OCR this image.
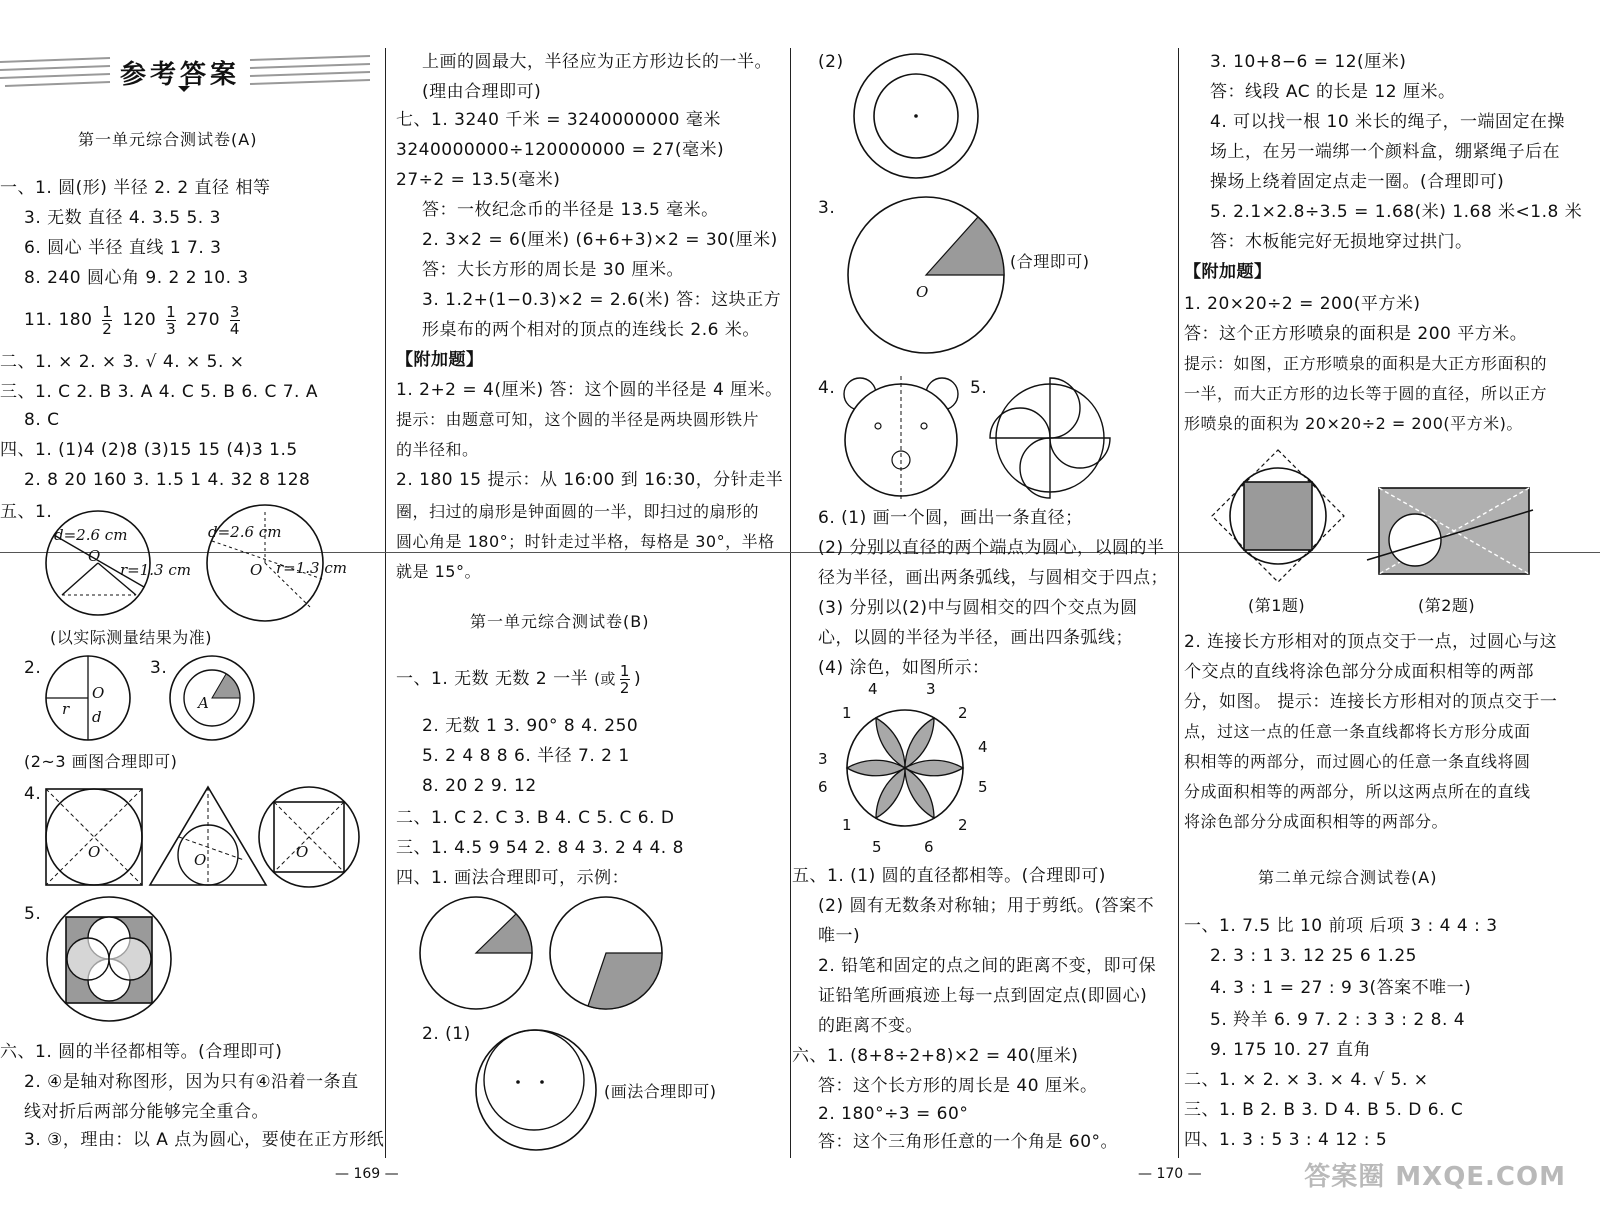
参考答案
第一单元综合测试卷(A)
一、1. 圆(形) 半径 2. 2 直径 相等
3. 无数 直径 4. 3.5 5. 3
6. 圆心 半径 直线 1 7. 3
8. 240 圆心角 9. 2 2 10. 3
11. $180 \frac{1}{2} 120 \frac{1}{3} 270 \frac{3}{4}$
二、1. × 2. × 3. √ 4. × 5. ×
三、1. C 2. B 3. A 4. C 5. B 6. C 7. A
8. C
四、1. (1)4 (2)8 (3)15 15 (4)3 1.5
2. 8 20 160 3. 1.5 1 4. 32 8 128
五、1.
d=2.6 cm
O
r=1.3 cm
d=2.6 cm
O r=1.3 cm
(以实际测量结果为准)
2.	3.
r
O
d
A
(2~3 画图合理即可)
4.
O	O	O
5.
六、1. 圆的半径都相等。(合理即可)
2. ④是轴对称图形，因为只有④沿着一条直
线对折后两部分能够完全重合。
3. ③，理由：以 A 点为圆心，要使在正方形纸
上画的圆最大，半径应为正方形边长的一半。
(理由合理即可)
七、1. 3240 千米 = 3240000000 毫米
3240000000÷120000000 = 27(毫米)
27÷2 = 13.5(毫米)
答：一枚纪念币的半径是 13.5 毫米。
2. 3×2 = 6(厘米) (6+6+3)×2 = 30(厘米)
答：大长方形的周长是 30 厘米。
3. 1.2+(1−0.3)×2 = 2.6(米) 答：这块正方
形桌布的两个相对的顶点的连线长 2.6 米。
【附加题】
1. 2+2 = 4(厘米) 答：这个圆的半径是 4 厘米。
提示：由题意可知，这个圆的半径是两块圆形铁片
的半径和。
2. 180 15 提示：从 16:00 到 16:30，分针走半
圈，扫过的扇形是钟面圆的一半，即扫过的扇形的
圆心角是 180°；时针走过半格，每格是 30°，半格
就是 15°。
第一单元综合测试卷(B)
一、1. 无数 无数 2 一半 (或 $\frac{1}{2}$ )
2. 无数 1 3. 90° 8 4. 250
5. 2 4 8 8 6. 半径 7. 2 1
8. 20 2 9. 12
二、1. C 2. C 3. B 4. C 5. C 6. D
三、1. 4.5 9 54 2. 8 4 3. 2 4 4. 8
四、1. 画法合理即可，示例：
2. (1)
(画法合理即可)
(2)
3.
O
(合理即可)
4.	5.
6. (1) 画一个圆，画出一条直径；
(2) 分别以直径的两个端点为圆心，以圆的半
径为半径，画出两条弧线，与圆相交于四点；
(3) 分别以(2)中与圆相交的四个交点为圆
心，以圆的半径为半径，画出四条弧线；
(4) 涂色，如图所示：
4	3
1	2
3
4
6	5
1	2
5	6
五、1. (1) 圆的直径都相等。(合理即可)
(2) 圆有无数条对称轴；用于剪纸。(答案不
唯一)
2. 铅笔和固定的点之间的距离不变，即可保
证铅笔所画痕迹上每一点到固定点(即圆心)
的距离不变。
六、1. (8+8÷2+8)×2 = 40(厘米)
答：这个长方形的周长是 40 厘米。
2. 180°÷3 = 60°
答：这个三角形任意的一个角是 60°。
3. 10+8−6 = 12(厘米)
答：线段 AC 的长是 12 厘米。
4. 可以找一根 10 米长的绳子，一端固定在操
场上，在另一端绑一个颜料盒，绷紧绳子后在
操场上绕着固定点走一圈。(合理即可)
5. 2.1×2.8÷3.5 = 1.68(米) 1.68 米<1.8 米
答：木板能完好无损地穿过拱门。
【附加题】
1. 20×20÷2 = 200(平方米)
答：这个正方形喷泉的面积是 200 平方米。
提示：如图，正方形喷泉的面积是大正方形面积的
一半，而大正方形的边长等于圆的直径，所以正方
形喷泉的面积为 20×20÷2 = 200(平方米)。
(第1题)	(第2题)
2. 连接长方形相对的顶点交于一点，过圆心与这
个交点的直线将涂色部分分成面积相等的两部
分，如图。 提示：连接长方形相对的顶点交于一
点，过这一点的任意一条直线都将长方形分成面
积相等的两部分，而过圆心的任意一条直线将圆
分成面积相等的两部分，所以这两点所在的直线
将涂色部分分成面积相等的两部分。
第二单元综合测试卷(A)
一、1. 7.5 比 10 前项 后项 3 : 4 4 : 3
2. 3 : 1 3. 12 25 6 1.25
4. 3 : 1 = 27 : 9 3(答案不唯一)
5. 羚羊 6. 9 7. 2 : 3 3 : 2 8. 4
9. 175 10. 27 直角
二、1. × 2. × 3. × 4. √ 5. ×
三、1. B 2. B 3. D 4. B 5. D 6. C
四、1. 3 : 5 3 : 4 12 : 5
— 169 —	— 170 —	答案圈 MXQE.COM
